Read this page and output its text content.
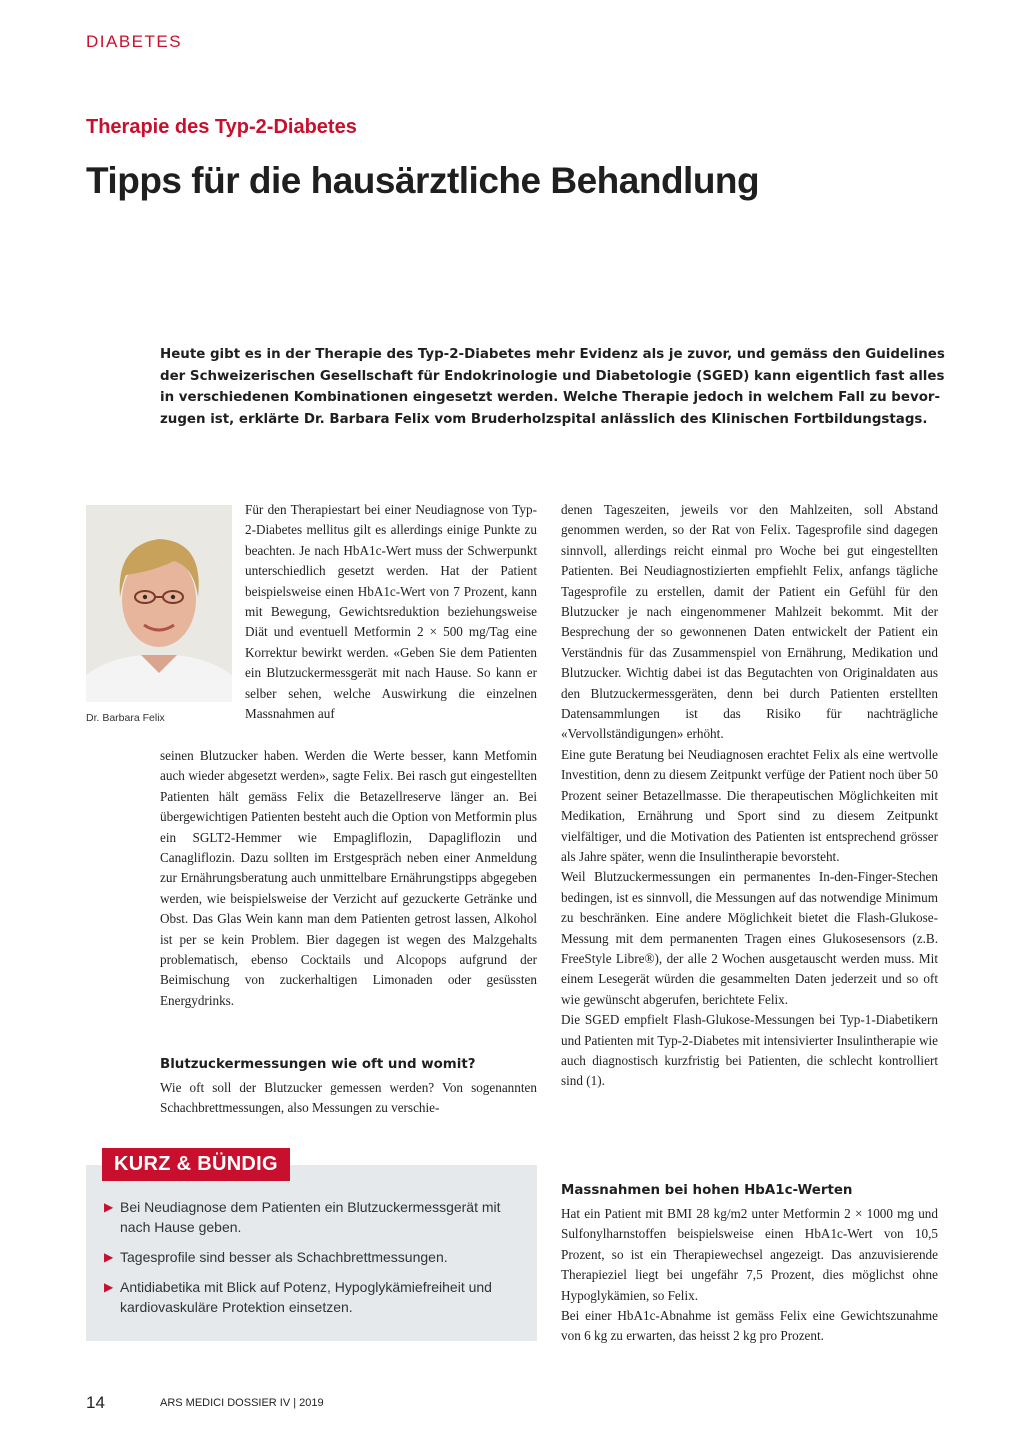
DIABETES
Therapie des Typ-2-Diabetes
Tipps für die hausärztliche Behandlung
Heute gibt es in der Therapie des Typ-2-Diabetes mehr Evidenz als je zuvor, und gemäss den Guidelines
der Schweizerischen Gesellschaft für Endokrinologie und Diabetologie (SGED) kann eigentlich fast alles
in verschiedenen Kombinationen eingesetzt werden. Welche Therapie jedoch in welchem Fall zu bevor-
zugen ist, erklärte Dr. Barbara Felix vom Bruderholzspital anlässlich des Klinischen Fortbildungstags.
Dr. Barbara Felix

Für den Therapiestart bei einer Neudiagnose von Typ-2-Diabetes mellitus gilt es allerdings einige Punkte zu beachten. Je nach HbA1c-Wert muss der Schwerpunkt unterschiedlich gesetzt werden. Hat der Patient beispielsweise einen HbA1c-Wert von 7 Prozent, kann mit Bewegung, Gewichtsreduktion beziehungsweise Diät und eventuell Metformin 2 × 500 mg/Tag eine Korrektur bewirkt werden. «Geben Sie dem Patienten ein Blutzuckermessgerät mit nach Hause. So kann er selber sehen, welche Auswirkung die einzelnen Massnahmen auf

seinen Blutzucker haben. Werden die Werte besser, kann Metfomin auch wieder abgesetzt werden», sagte Felix. Bei rasch gut eingestellten Patienten hält gemäss Felix die Betazellreserve länger an. Bei übergewichtigen Patienten besteht auch die Option von Metformin plus ein SGLT2-Hemmer wie Empagliflozin, Dapagliflozin und Canagliflozin. Dazu sollten im Erstgespräch neben einer Anmeldung zur Ernährungsberatung auch unmittelbare Ernährungstipps abgegeben werden, wie beispielsweise der Verzicht auf gezuckerte Getränke und Obst. Das Glas Wein kann man dem Patienten getrost lassen, Alkohol ist per se kein Problem. Bier dagegen ist wegen des Malzgehalts problematisch, ebenso Cocktails und Alcopops aufgrund der Beimischung von zuckerhaltigen Limonaden oder gesüssten Energydrinks.

Blutzuckermessungen wie oft und womit?

Wie oft soll der Blutzucker gemessen werden? Von sogenannten Schachbrettmessungen, also Messungen zu verschie-

denen Tageszeiten, jeweils vor den Mahlzeiten, soll Abstand genommen werden, so der Rat von Felix. Tagesprofile sind dagegen sinnvoll, allerdings reicht einmal pro Woche bei gut eingestellten Patienten. Bei Neudiagnostizierten empfiehlt Felix, anfangs tägliche Tagesprofile zu erstellen, damit der Patient ein Gefühl für den Blutzucker je nach eingenommener Mahlzeit bekommt. Mit der Besprechung der so gewonnenen Daten entwickelt der Patient ein Verständnis für das Zusammenspiel von Ernährung, Medikation und Blutzucker. Wichtig dabei ist das Begutachten von Originaldaten aus den Blutzuckermessgeräten, denn bei durch Patienten erstellten Datensammlungen ist das Risiko für nachträgliche «Vervollständigungen» erhöht.

Eine gute Beratung bei Neudiagnosen erachtet Felix als eine wertvolle Investition, denn zu diesem Zeitpunkt verfüge der Patient noch über 50 Prozent seiner Betazellmasse. Die therapeutischen Möglichkeiten mit Medikation, Ernährung und Sport sind zu diesem Zeitpunkt vielfältiger, und die Motivation des Patienten ist entsprechend grösser als Jahre später, wenn die Insulintherapie bevorsteht.

Weil Blutzuckermessungen ein permanentes In-den-Finger-Stechen bedingen, ist es sinnvoll, die Messungen auf das notwendige Minimum zu beschränken. Eine andere Möglichkeit bietet die Flash-Glukose-Messung mit dem permanenten Tragen eines Glukosesensors (z.B. FreeStyle Libre®), der alle 2 Wochen ausgetauscht werden muss. Mit einem Lesegerät würden die gesammelten Daten jederzeit und so oft wie gewünscht abgerufen, berichtete Felix.

Die SGED empfielt Flash-Glukose-Messungen bei Typ-1-Diabetikern und Patienten mit Typ-2-Diabetes mit intensivierter Insulintherapie wie auch diagnostisch kurzfristig bei Patienten, die schlecht kontrolliert sind (1).

Massnahmen bei hohen HbA1c-Werten

Hat ein Patient mit BMI 28 kg/m2 unter Metformin 2 × 1000 mg und Sulfonylharnstoffen beispielsweise einen HbA1c-Wert von 10,5 Prozent, so ist ein Therapiewechsel angezeigt. Das anzuvisierende Therapieziel liegt bei ungefähr 7,5 Prozent, dies möglichst ohne Hypoglykämien, so Felix.

Bei einer HbA1c-Abnahme ist gemäss Felix eine Gewichtszunahme von 6 kg zu erwarten, das heisst 2 kg pro Prozent.

KURZ & BÜNDIG
▶ Bei Neudiagnose dem Patienten ein Blutzuckermessgerät mit nach Hause geben.
▶ Tagesprofile sind besser als Schachbrettmessungen.
▶ Antidiabetika mit Blick auf Potenz, Hypoglykämiefreiheit und kardiovaskuläre Protektion einsetzen.
14	ARS MEDICI DOSSIER IV | 2019
